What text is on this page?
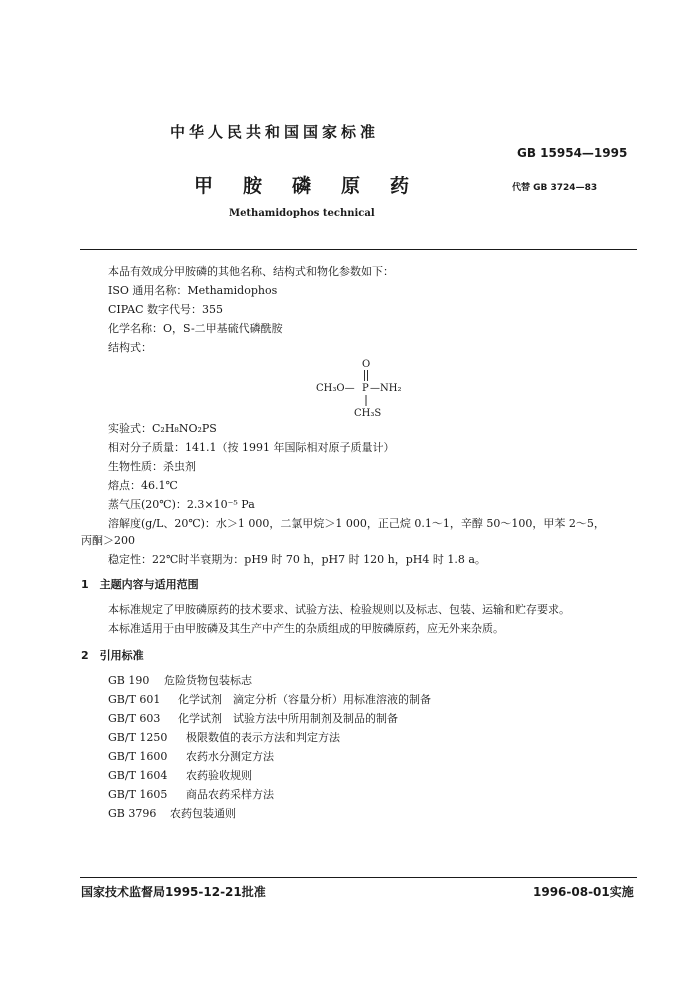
中华人民共和国国家标准
GB 15954—1995
甲胺磷原药	代替 GB 3724—83
Methamidophos technical
本品有效成分甲胺磷的其他名称、结构式和物化参数如下：
ISO 通用名称：Methamidophos
CIPAC 数字代号：355
化学名称：O，S-二甲基硫代磷酰胺
结构式：
O
CH₃O— P —NH₂
CH₃S
实验式：C₂H₈NO₂PS
相对分子质量：141.1（按 1991 年国际相对原子质量计）
生物性质：杀虫剂
熔点：46.1℃
蒸气压(20℃)：2.3×10⁻⁵ Pa
溶解度(g/L、20℃)：水＞1 000，二氯甲烷＞1 000，正己烷 0.1～1，辛醇 50～100，甲苯 2～5，
丙酮＞200
稳定性：22℃时半衰期为：pH9 时 70 h，pH7 时 120 h，pH4 时 1.8 a。
1　主题内容与适用范围
本标准规定了甲胺磷原药的技术要求、试验方法、检验规则以及标志、包装、运输和贮存要求。
本标准适用于由甲胺磷及其生产中产生的杂质组成的甲胺磷原药，应无外来杂质。
2　引用标准
GB 190 危险货物包装标志
GB/T 601 化学试剂　滴定分析（容量分析）用标准溶液的制备
GB/T 603 化学试剂　试验方法中所用制剂及制品的制备
GB/T 1250 极限数值的表示方法和判定方法
GB/T 1600 农药水分测定方法
GB/T 1604 农药验收规则
GB/T 1605 商品农药采样方法
GB 3796 农药包装通则
国家技术监督局1995-12-21批准	1996-08-01实施
